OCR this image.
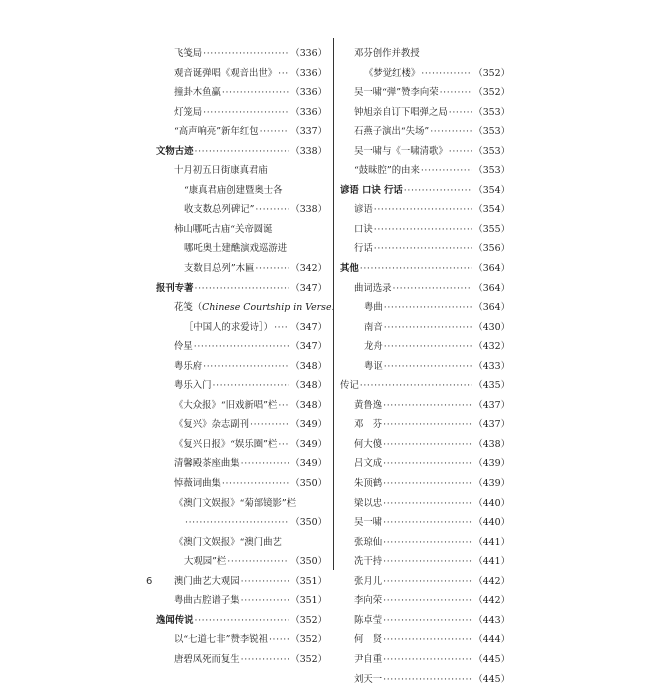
飞笺局 ·····	（336）
观音诞弹唱《观音出世》 ····· （336）
撞卦木鱼赢 ·····	（336）
灯笼局 ·····	（336）
“高声响亮”新年红包 ·····	（337）
文物古迹 ·····	（338）
十月初五日街康真君庙
“康真君庙创建暨奥士各
收支数总列碑记” ·····	（338）
柿山哪吒古庙“关帝圆诞
哪吒奥土建醮演戏巡游进
支数目总列”木匾 ·····	（342）
报刊专著 ·····	（347）
花笺（Chinese Courtship in Verse.
［中国人的求爱诗］） ····· （347）
伶星 ·····	（347）
粤乐府 ·····	（348）
粤乐入门 ·····	（348）
《大众报》“旧戏新唱”栏 ····· （348）
《复兴》杂志副刊 ·····	（349）
《复兴日报》“娱乐圈”栏 ····· （349）
清馨殿茶座曲集 ·····	（349）
悼薇词曲集 ·····	（350）
《澳门文娱报》“菊部镜影”栏
·····
（350）
《澳门文娱报》“澳门曲艺
大观园”栏 ·····	（350）
澳门曲艺大观园 ·····	（351）
粤曲古腔谱子集 ·····	（351）
逸闻传说 ·····	（352）
以“七道七非”赞李锐祖 ····· （352）
唐碧凤死而复生 ·····	（352）
邓芬创作并教授
《梦觉红楼》 ·····	（352）
吴一啸“弹”赞李向荣 ·····	（352）
钟旭亲自订下唱弹之局 ·····	（353）
石燕子演出“失场” ·····	（353）
吴一啸与《一啸清歌》 ·····	（353）
“鼓昧腔”的由来 ·····	（353）
谚语 口诀 行话 ·····	（354）
谚语 ·····	（354）
口诀 ·····	（355）
行话 ·····	（356）
其他 ·····	（364）
曲词选录 ·····	（364）
粤曲 ·····	（364）
南音 ·····	（430）
龙舟 ·····	（432）
粤讴 ·····	（433）
传记 ·····	（435）
黄鲁逸 ·····	（437）
邓　芬 ·····	（437）
何大傻 ·····	（438）
吕文成 ·····	（439）
朱顶鹤 ·····	（439）
梁以忠 ·····	（440）
吴一啸 ·····	（440）
张琼仙 ·····	（441）
冼干持 ·····	（441）
张月儿 ·····	（442）
李向荣 ·····	（442）
陈卓莹 ·····	（443）
何　贤 ·····	（444）
尹自重 ·····	（445）
刘天一 ·····	（445）
6
